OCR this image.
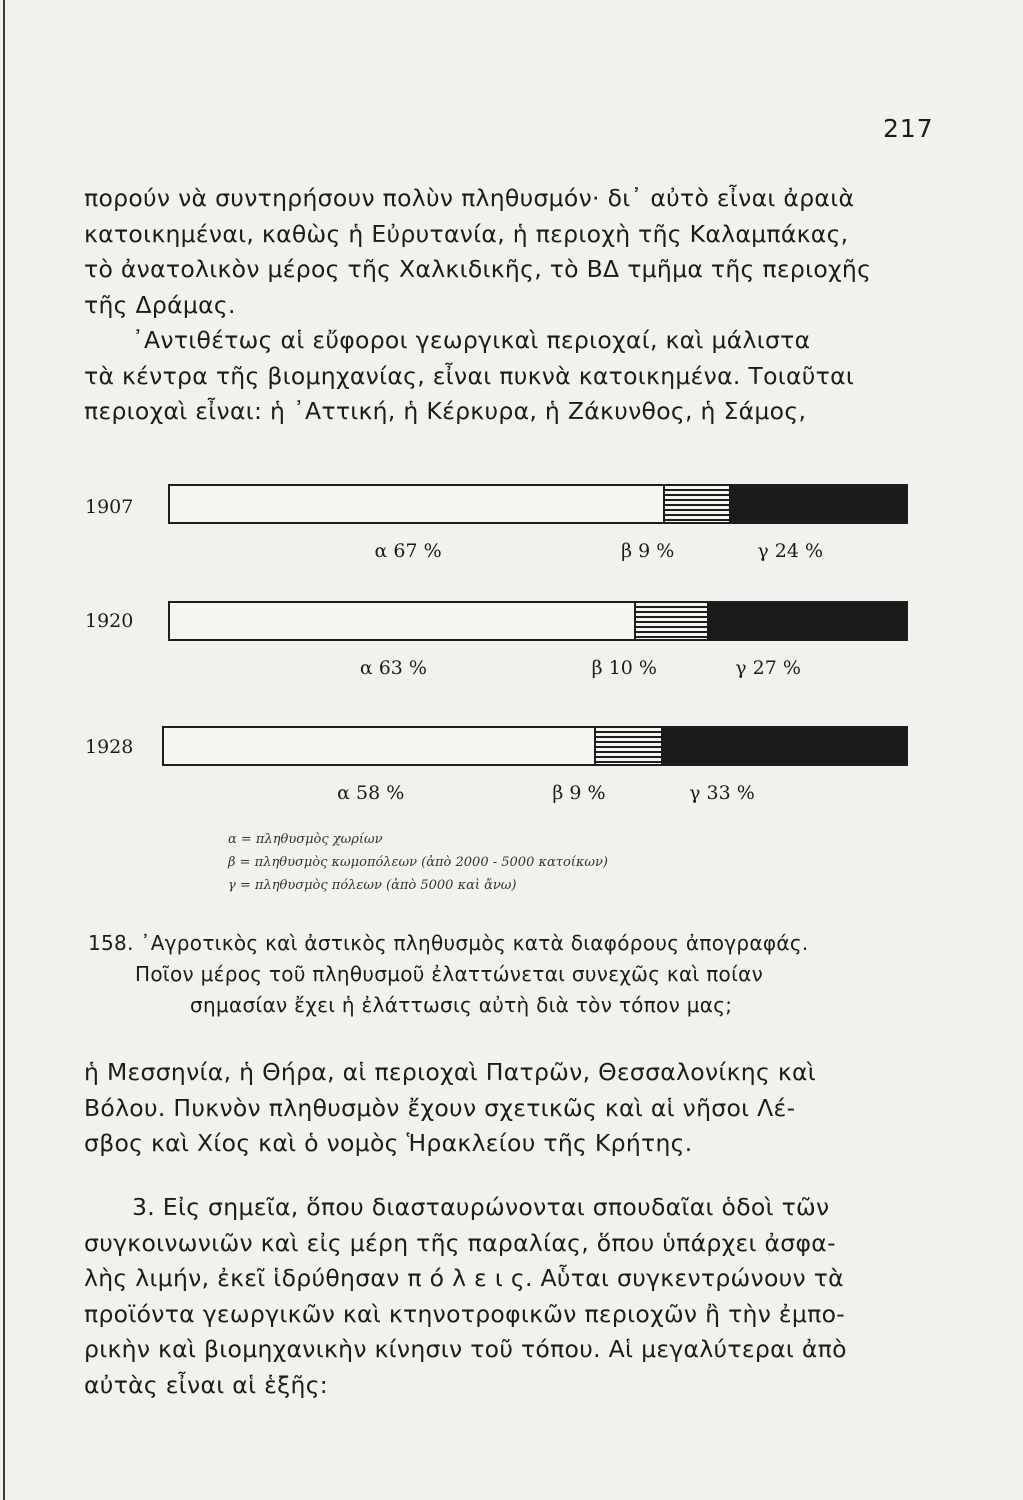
217
πορούν νὰ συντηρήσουν πολὺν πληθυσμόν· δι᾽ αὐτὸ εἶναι ἀραιὰ
κατοικημέναι, καθὼς ἡ Εὐρυτανία, ἡ περιοχὴ τῆς Καλαμπάκας,
τὸ ἀνατολικὸν μέρος τῆς Χαλκιδικῆς, τὸ ΒΔ τμῆμα τῆς περιοχῆς
τῆς Δράμας.
᾽Αντιθέτως αἱ εὔφοροι γεωργικαὶ περιοχαί, καὶ μάλιστα
τὰ κέντρα τῆς βιομηχανίας, εἶναι πυκνὰ κατοικημένα. Τοιαῦται
περιοχαὶ εἶναι: ἡ ᾽Αττική, ἡ Κέρκυρα, ἡ Ζάκυνθος, ἡ Σάμος,
1907
α 67 %	β 9 %	γ 24 %
1920
α 63 %	β 10 %	γ 27 %
1928
α 58 %	β 9 %	γ 33 %
α = πληθυσμὸς χωρίων
β = πληθυσμὸς κωμοπόλεων (ἀπὸ 2000 - 5000 κατοίκων)
γ = πληθυσμὸς πόλεων (ἀπὸ 5000 καὶ ἄνω)
158. ᾽Αγροτικὸς καὶ ἀστικὸς πληθυσμὸς κατὰ διαφόρους ἀπογραφάς.
Ποῖον μέρος τοῦ πληθυσμοῦ ἐλαττώνεται συνεχῶς καὶ ποίαν
σημασίαν ἔχει ἡ ἐλάττωσις αὐτὴ διὰ τὸν τόπον μας;
ἡ Μεσσηνία, ἡ Θήρα, αἱ περιοχαὶ Πατρῶν, Θεσσαλονίκης καὶ
Βόλου. Πυκνὸν πληθυσμὸν ἔχουν σχετικῶς καὶ αἱ νῆσοι Λέ-
σβος καὶ Χίος καὶ ὁ νομὸς Ἡρακλείου τῆς Κρήτης.
3. Εἰς σημεῖα, ὅπου διασταυρώνονται σπουδαῖαι ὁδοὶ τῶν
συγκοινωνιῶν καὶ εἰς μέρη τῆς παραλίας, ὅπου ὑπάρχει ἀσφα-
λὴς λιμήν, ἐκεῖ ἱδρύθησαν π ό λ ε ι ς. Αὗται συγκεντρώνουν τὰ
προϊόντα γεωργικῶν καὶ κτηνοτροφικῶν περιοχῶν ἢ τὴν ἐμπο-
ρικὴν καὶ βιομηχανικὴν κίνησιν τοῦ τόπου. Αἱ μεγαλύτεραι ἀπὸ
αὐτὰς εἶναι αἱ ἑξῆς:
